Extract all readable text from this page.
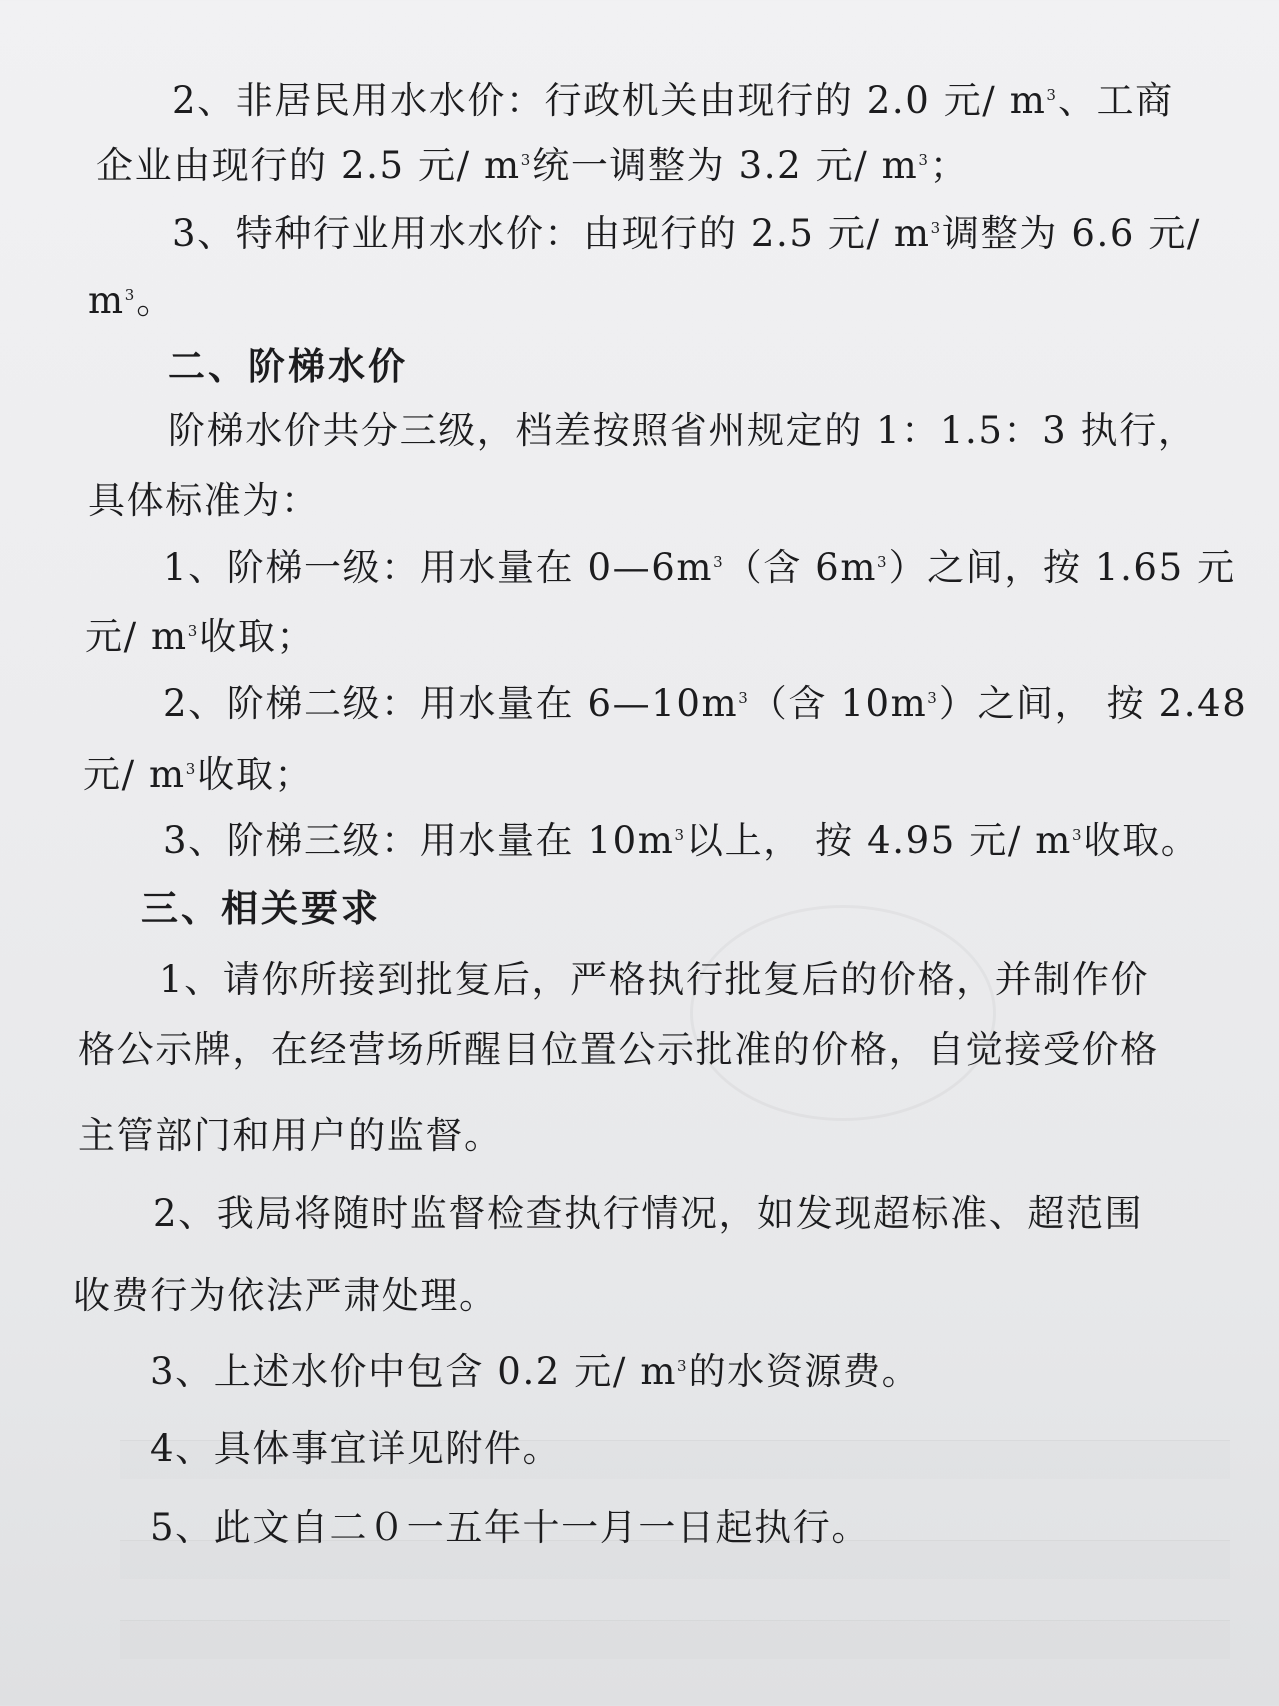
2、非居民用水水价：行政机关由现行的 2.0 元/ $m^3$、工商
企业由现行的 2.5 元/ $m^3$统一调整为 3.2 元/ $m^3$；
3、特种行业用水水价：由现行的 2.5 元/ $m^3$调整为 6.6 元/
$m^3$。
二、阶梯水价
阶梯水价共分三级，档差按照省州规定的 1：1.5：3 执行，
具体标准为：
1、阶梯一级：用水量在 $0—6m^3$（含 $6m^3$）之间，按 1.65 元
元/ $m^3$收取；
2、阶梯二级：用水量在 $6—10m^3$（含 $10m^3$）之间， 按 2.48
元/ $m^3$收取；
3、阶梯三级：用水量在 $10m^3$以上， 按 4.95 元/ $m^3$收取。
三、相关要求
1、请你所接到批复后，严格执行批复后的价格，并制作价
格公示牌，在经营场所醒目位置公示批准的价格，自觉接受价格
主管部门和用户的监督。
2、我局将随时监督检查执行情况，如发现超标准、超范围
收费行为依法严肃处理。
3、上述水价中包含 0.2 元/ $m^3$的水资源费。
4、具体事宜详见附件。
5、此文自二０一五年十一月一日起执行。
